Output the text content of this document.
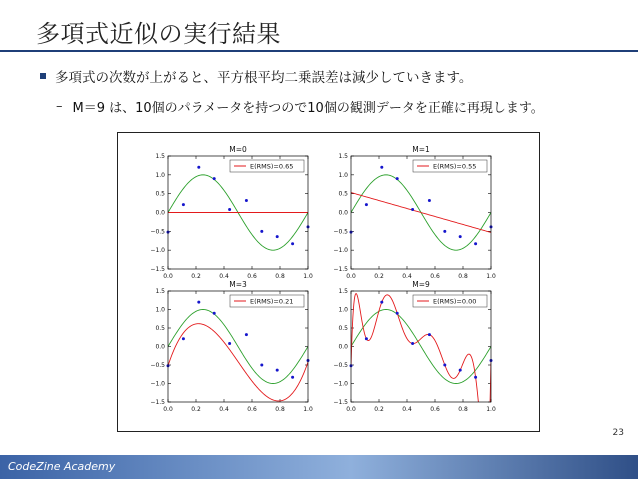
多項式近似の実行結果
多項式の次数が上がると、平方根平均二乗誤差は減少していきます。
– M＝9 は、10個のパラメータを持つので10個の観測データを正確に再現します。
M=0
0.0	0.2	0.4	0.6	0.8	1.0
−1.5
−1.0
−0.5
0.0
0.5
1.0
1.5
E(RMS)=0.65
M=1
0.0	0.2	0.4	0.6	0.8	1.0
−1.5
−1.0
−0.5
0.0
0.5
1.0
1.5
E(RMS)=0.55
M=3
0.0	0.2	0.4	0.6	0.8	1.0
−1.5
−1.0
−0.5
0.0
0.5
1.0
1.5
E(RMS)=0.21
M=9
0.0	0.2	0.4	0.6	0.8	1.0
−1.5
−1.0
−0.5
0.0
0.5
1.0
1.5
E(RMS)=0.00
23
CodeZine Academy
